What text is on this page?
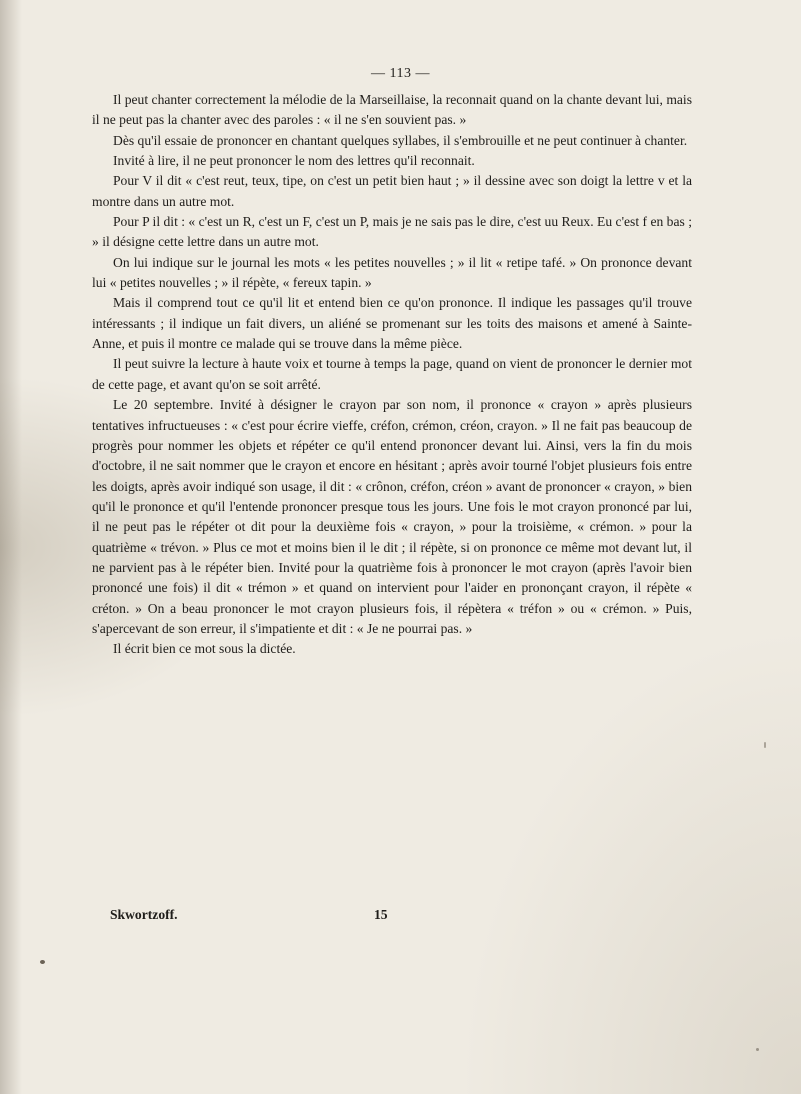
— 113 —

Il peut chanter correctement la mélodie de la Marseillaise, la reconnait quand on la chante devant lui, mais il ne peut pas la chanter avec des paroles : « il ne s'en souvient pas. »

Dès qu'il essaie de prononcer en chantant quelques syllabes, il s'embrouille et ne peut continuer à chanter.

Invité à lire, il ne peut prononcer le nom des lettres qu'il reconnait.

Pour V il dit « c'est reut, teux, tipe, on c'est un petit bien haut ; » il dessine avec son doigt la lettre v et la montre dans un autre mot.

Pour P il dit : « c'est un R, c'est un F, c'est un P, mais je ne sais pas le dire, c'est uu Reux. Eu c'est f en bas ; » il désigne cette lettre dans un autre mot.

On lui indique sur le journal les mots « les petites nouvelles ; » il lit « retipe tafé. » On prononce devant lui « petites nouvelles ; » il répète, « fereux tapin. »

Mais il comprend tout ce qu'il lit et entend bien ce qu'on prononce. Il indique les passages qu'il trouve intéressants ; il indique un fait divers, un aliéné se promenant sur les toits des maisons et amené à Sainte-Anne, et puis il montre ce malade qui se trouve dans la même pièce.

Il peut suivre la lecture à haute voix et tourne à temps la page, quand on vient de prononcer le dernier mot de cette page, et avant qu'on se soit arrêté.

Le 20 septembre. Invité à désigner le crayon par son nom, il prononce « crayon » après plusieurs tentatives infructueuses : « c'est pour écrire vieffe, créfon, crémon, créon, crayon. » Il ne fait pas beaucoup de progrès pour nommer les objets et répéter ce qu'il entend prononcer devant lui. Ainsi, vers la fin du mois d'octobre, il ne sait nommer que le crayon et encore en hésitant ; après avoir tourné l'objet plusieurs fois entre les doigts, après avoir indiqué son usage, il dit : « crônon, créfon, créon » avant de prononcer « crayon, » bien qu'il le prononce et qu'il l'entende prononcer presque tous les jours. Une fois le mot crayon prononcé par lui, il ne peut pas le répéter ot dit pour la deuxième fois « crayon, » pour la troisième, « crémon. » pour la quatrième « trévon. » Plus ce mot et moins bien il le dit ; il répète, si on prononce ce même mot devant lut, il ne parvient pas à le répéter bien. Invité pour la quatrième fois à prononcer le mot crayon (après l'avoir bien prononcé une fois) il dit « trémon » et quand on intervient pour l'aider en prononçant crayon, il répète « créton. » On a beau prononcer le mot crayon plusieurs fois, il répètera « tréfon » ou « crémon. » Puis, s'apercevant de son erreur, il s'impatiente et dit : « Je ne pourrai pas. »

Il écrit bien ce mot sous la dictée.

Skwortzoff.	15
